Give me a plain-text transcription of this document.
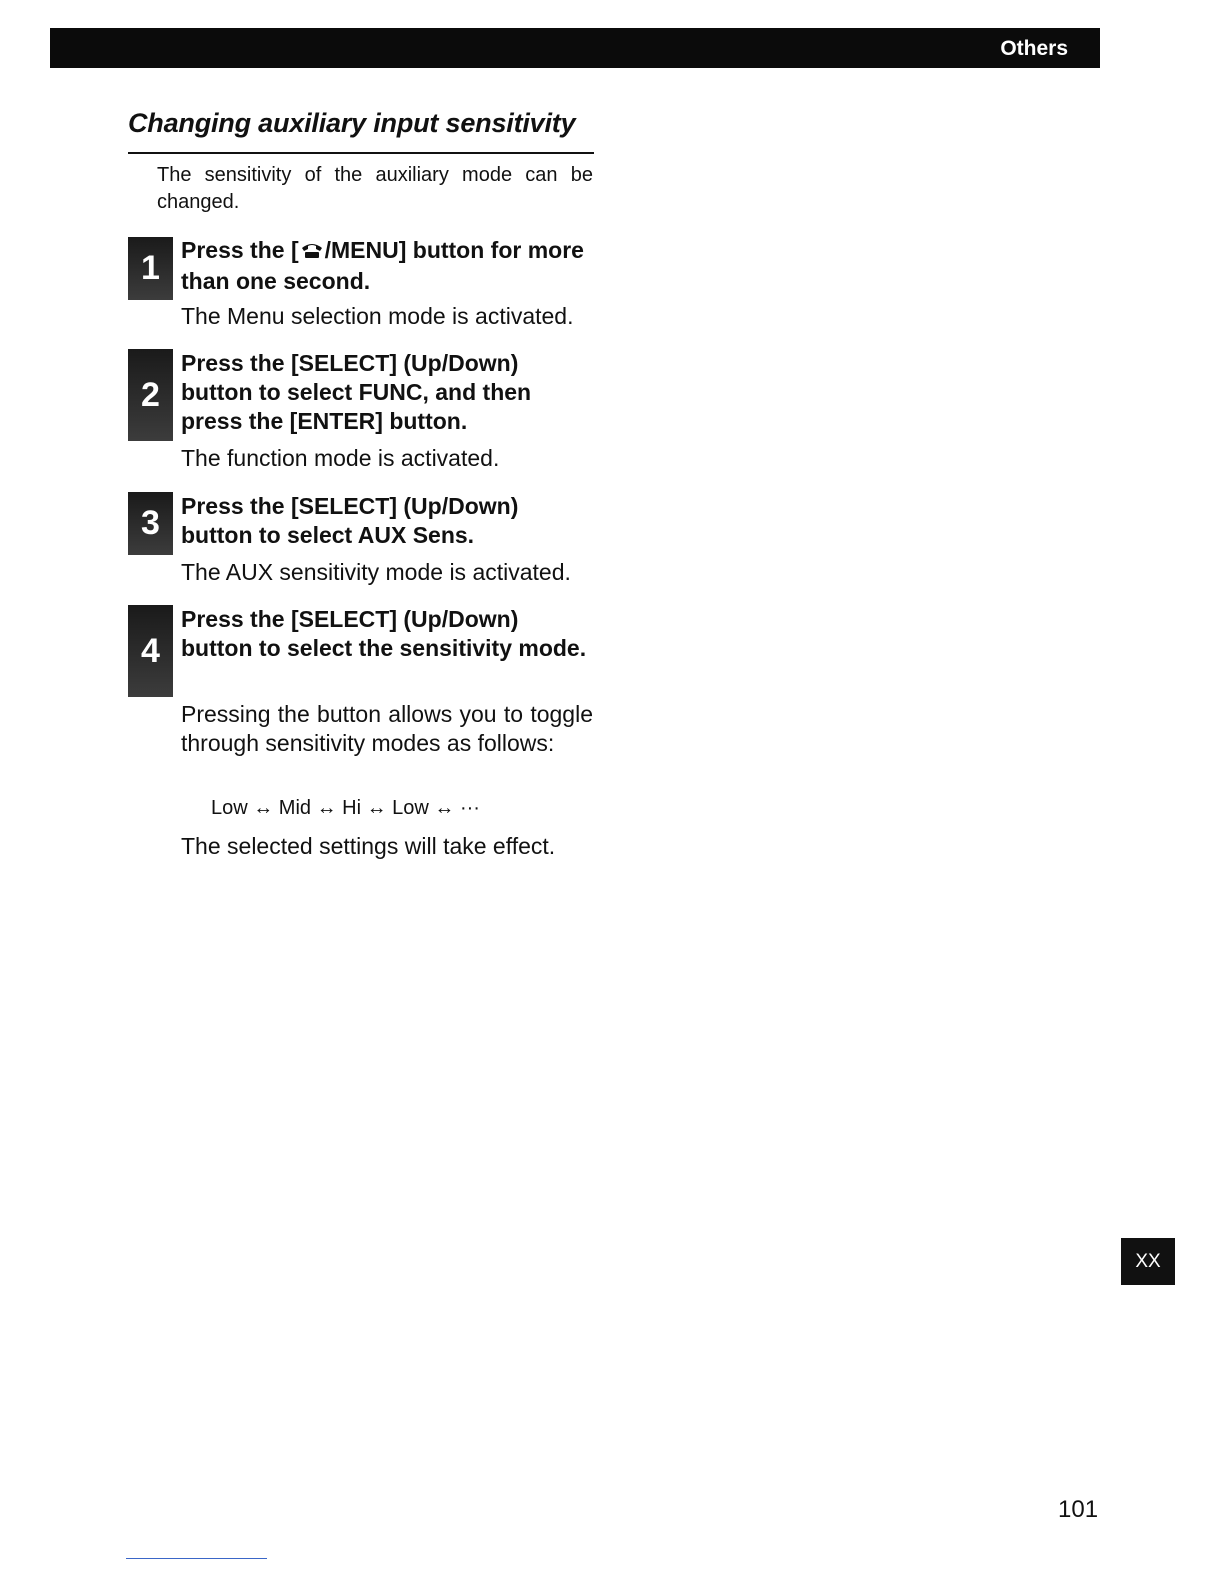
Others
Changing auxiliary input sensitivity

The sensitivity of the auxiliary mode can be changed.

1 Press the [ /MENU] button for more than one second.

The Menu selection mode is activated.

2

Press the [SELECT] (Up/Down) button to select FUNC, and then press the [ENTER] button.

The function mode is activated.

3 Press the [SELECT] (Up/Down) button to select AUX Sens.

The AUX sensitivity mode is activated.

4

Press the [SELECT] (Up/Down) button to select the sensitivity mode.

Pressing the button allows you to toggle through sensitivity modes as follows:

Low ↔ Mid ↔ Hi ↔ Low ↔ ···

The selected settings will take effect.

XX
101
